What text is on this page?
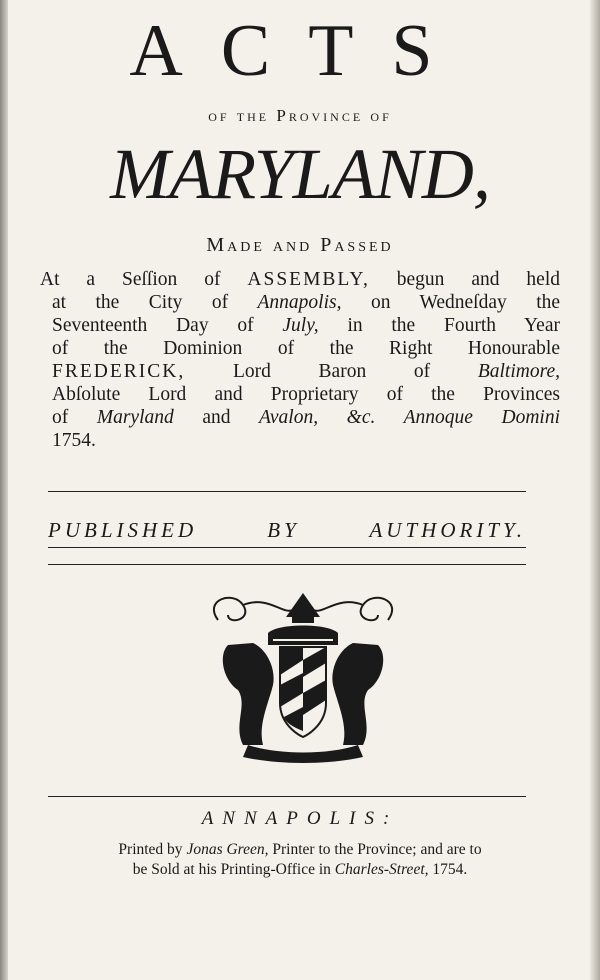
ACTS
of the Province of
MARYLAND,
Made and Passed
At a Seſſion of ASSEMBLY, begun and held
at the City of Annapolis, on Wedneſday the
Seventeenth Day of July, in the Fourth Year
of the Dominion of the Right Honourable
FREDERICK, Lord Baron of Baltimore,
Abſolute Lord and Proprietary of the Provinces
of Maryland and Avalon, &c. Annoque Domini
1754.
PUBLISHED BY AUTHORITY.
ANNAPOLIS:
Printed by Jonas Green, Printer to the Province; and are to
be Sold at his Printing-Office in Charles-Street, 1754.
